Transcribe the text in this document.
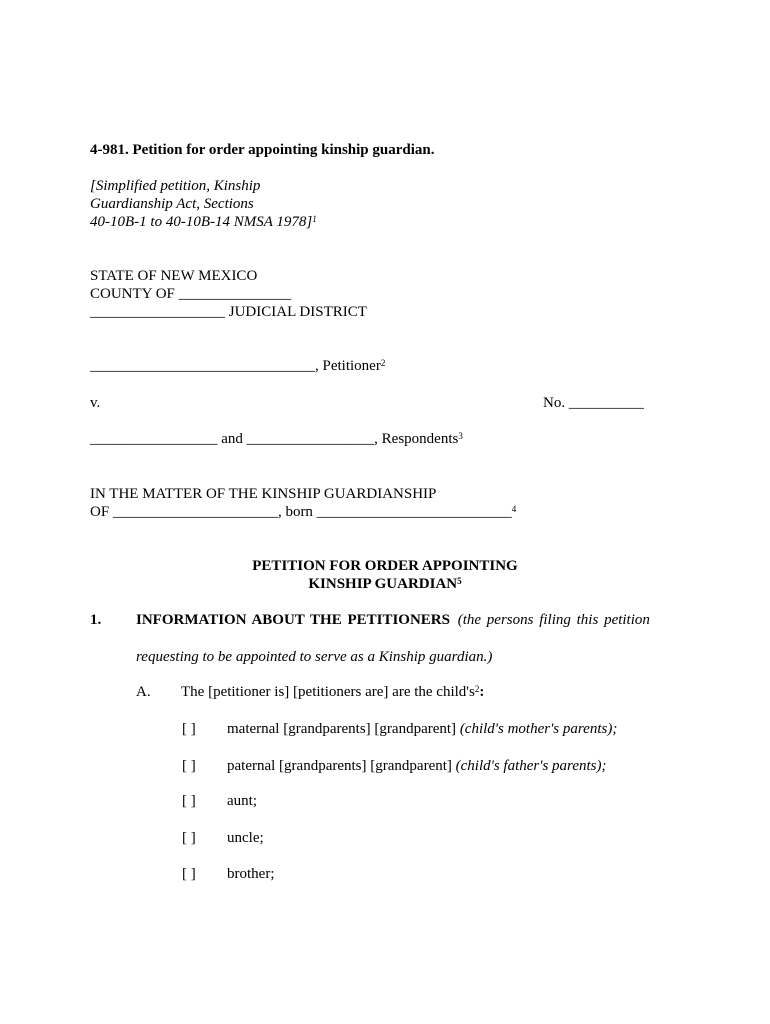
4-981. Petition for order appointing kinship guardian.
[Simplified petition, Kinship
Guardianship Act, Sections
40-10B-1 to 40-10B-14 NMSA 1978]$^1$
STATE OF NEW MEXICO
COUNTY OF _______________
__________________ JUDICIAL DISTRICT
______________________________, Petitioner$^2$
v.	No. __________
_________________ and _________________, Respondents$^3$
IN THE MATTER OF THE KINSHIP GUARDIANSHIP
OF ______________________, born __________________________$^4$
PETITION FOR ORDER APPOINTING
KINSHIP GUARDIAN$^5$
1. INFORMATION ABOUT THE PETITIONERS (the persons filing this petition
requesting to be appointed to serve as a Kinship guardian.)
A. The [petitioner is] [petitioners are] are the $child's^2$:
[ ] maternal [grandparents] [grandparent] (child's mother's parents);
[ ] paternal [grandparents] [grandparent] (child's father's parents);
[ ] aunt;
[ ] uncle;
[ ] brother;
